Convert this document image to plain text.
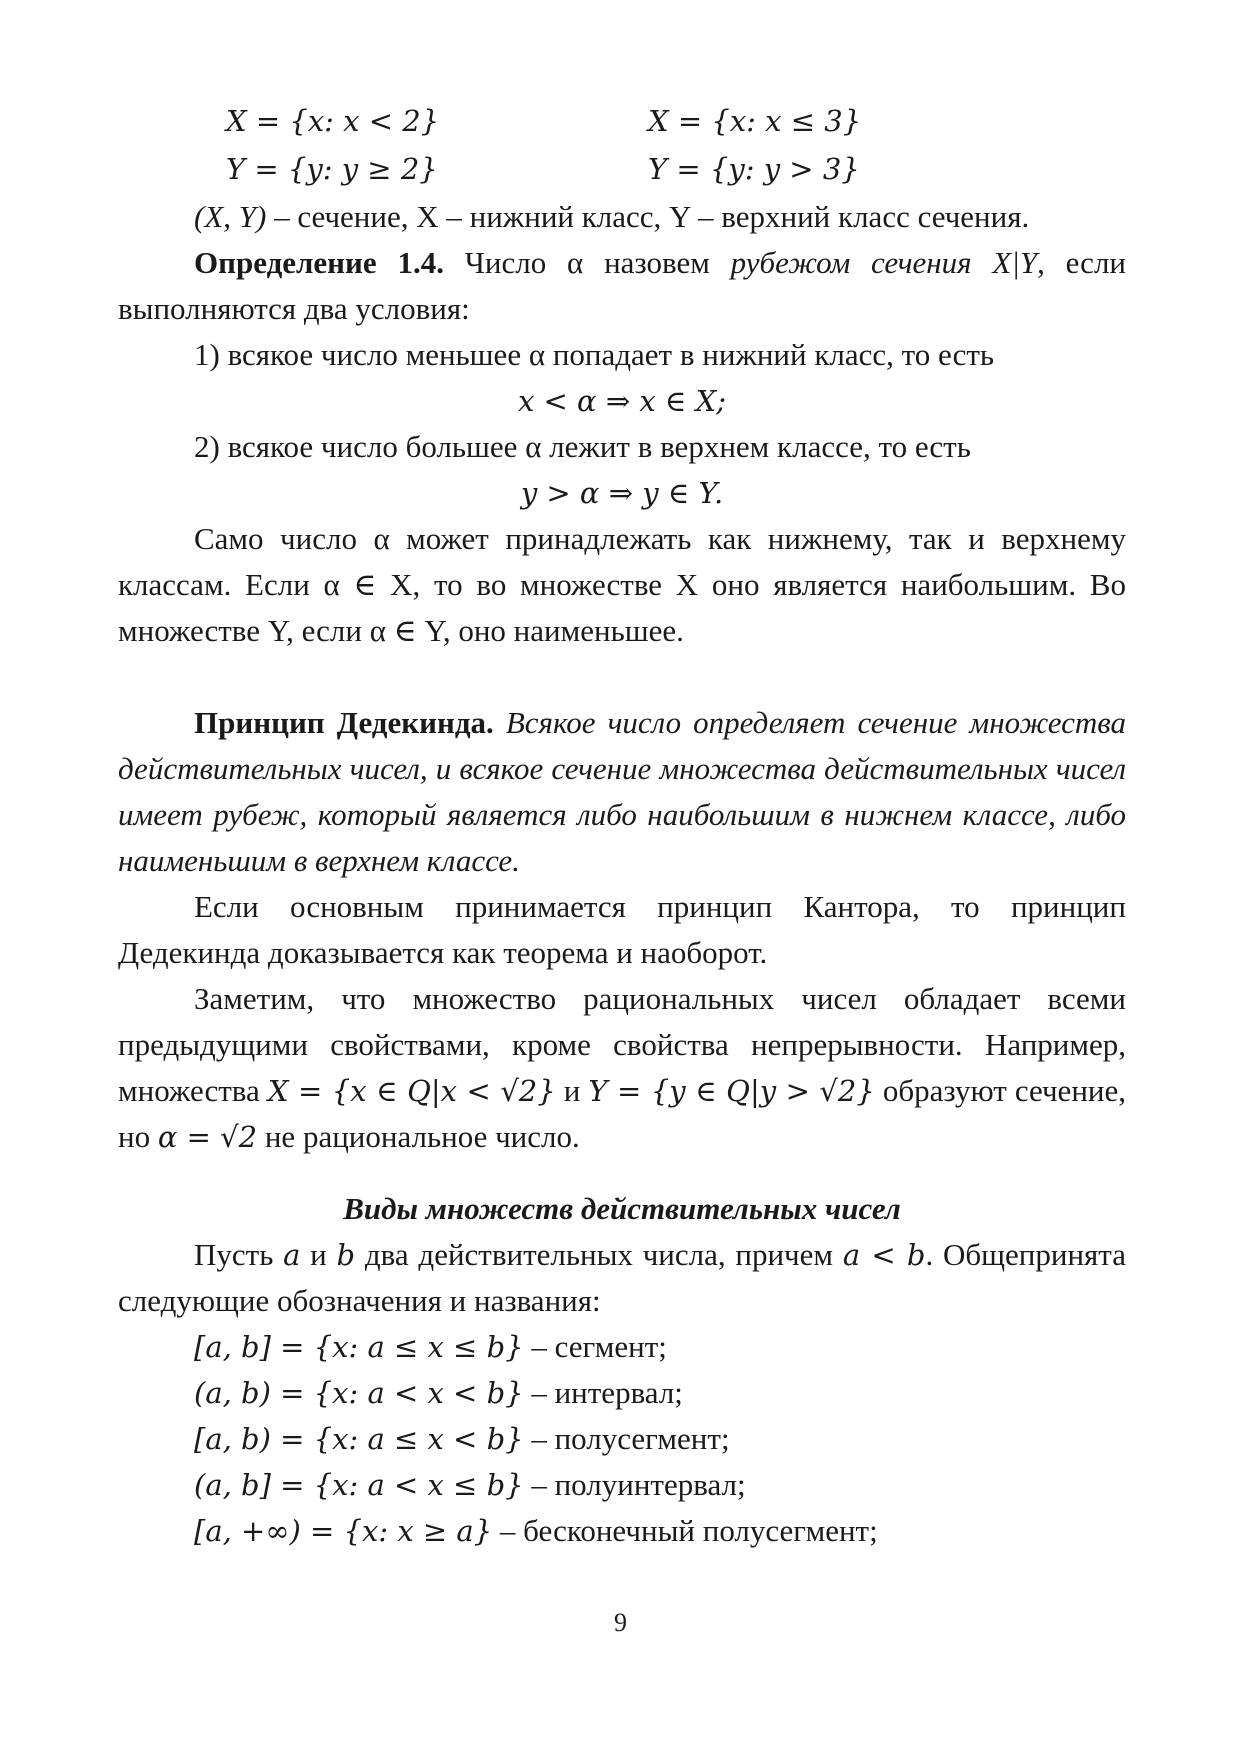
X = {x: x < 2}	X = {x: x ≤ 3}
Y = {y: y ≥ 2}	Y = {y: y > 3}

(X, Y) – сечение, X – нижний класс, Y – верхний класс сечения.

Определение 1.4. Число α назовем рубежом сечения X|Y, если выполняются два условия:

1) всякое число меньшее α попадает в нижний класс, то есть

x < α ⇒ x ∈ X;

2) всякое число большее α лежит в верхнем классе, то есть

y > α ⇒ y ∈ Y.

Само число α может принадлежать как нижнему, так и верхнему классам. Если α ∈ X, то во множестве X оно является наибольшим. Во множестве Y, если α ∈ Y, оно наименьшее.

Принцип Дедекинда. Всякое число определяет сечение множества действительных чисел, и всякое сечение множества действительных чисел имеет рубеж, который является либо наибольшим в нижнем классе, либо наименьшим в верхнем классе.

Если основным принимается принцип Кантора, то принцип Дедекинда доказывается как теорема и наоборот.

Заметим, что множество рациональных чисел обладает всеми предыдущими свойствами, кроме свойства непрерывности. Например, множества X = {x ∈ Q|x < √2} и Y = {y ∈ Q|y > √2} образуют сечение, но α = √2 не рациональное число.

Виды множеств действительных чисел

Пусть a и b два действительных числа, причем a < b. Общепринята следующие обозначения и названия:

[a, b] = {x: a ≤ x ≤ b} – сегмент;

(a, b) = {x: a < x < b} – интервал;

[a, b) = {x: a ≤ x < b} – полусегмент;

(a, b] = {x: a < x ≤ b} – полуинтервал;

[a, +∞) = {x: x ≥ a} – бесконечный полусегмент;

9
